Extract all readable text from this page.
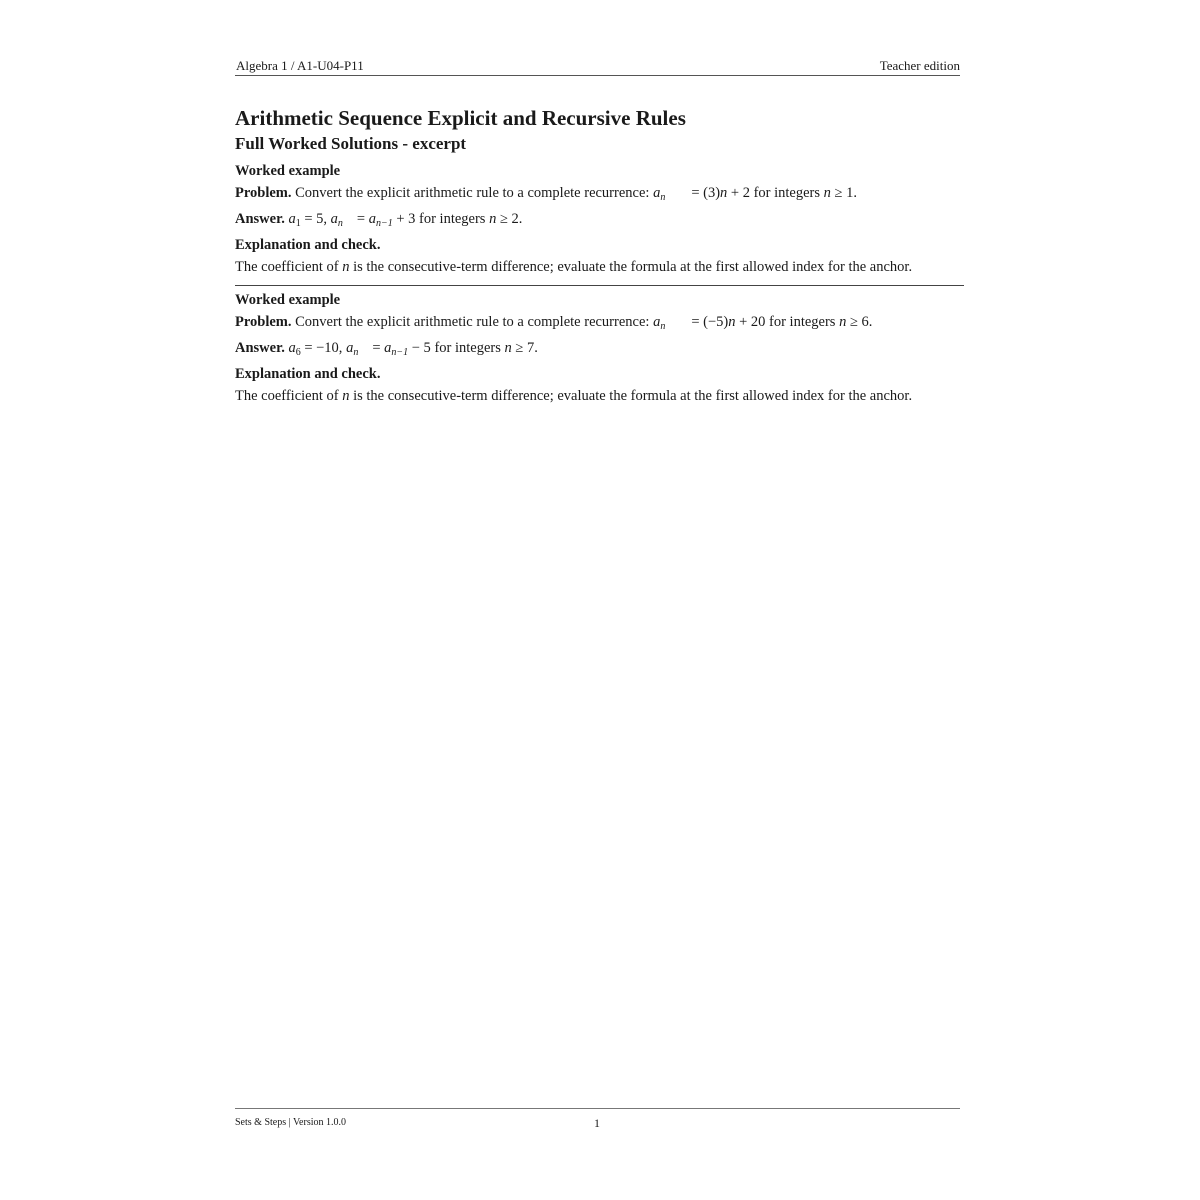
Algebra 1 / A1-U04-P11	Teacher edition
Arithmetic Sequence Explicit and Recursive Rules
Full Worked Solutions - excerpt
Worked example
Problem. Convert the explicit arithmetic rule to a complete recurrence: $a_n = (3)n + 2$ for integers n ≥ 1.
Answer. $a_1 = 5$, $a_n = a_{n-1} + 3$ for integers n ≥ 2.
Explanation and check.
The coefficient of n is the consecutive-term difference; evaluate the formula at the first allowed index for the anchor.
Worked example
Problem. Convert the explicit arithmetic rule to a complete recurrence: $a_n = (-5)n + 20$ for integers n ≥ 6.
Answer. $a_6 = -10$, $a_n = a_{n-1} - 5$ for integers n ≥ 7.
Explanation and check.
The coefficient of n is the consecutive-term difference; evaluate the formula at the first allowed index for the anchor.
Sets & Steps | Version 1.0.0	1
